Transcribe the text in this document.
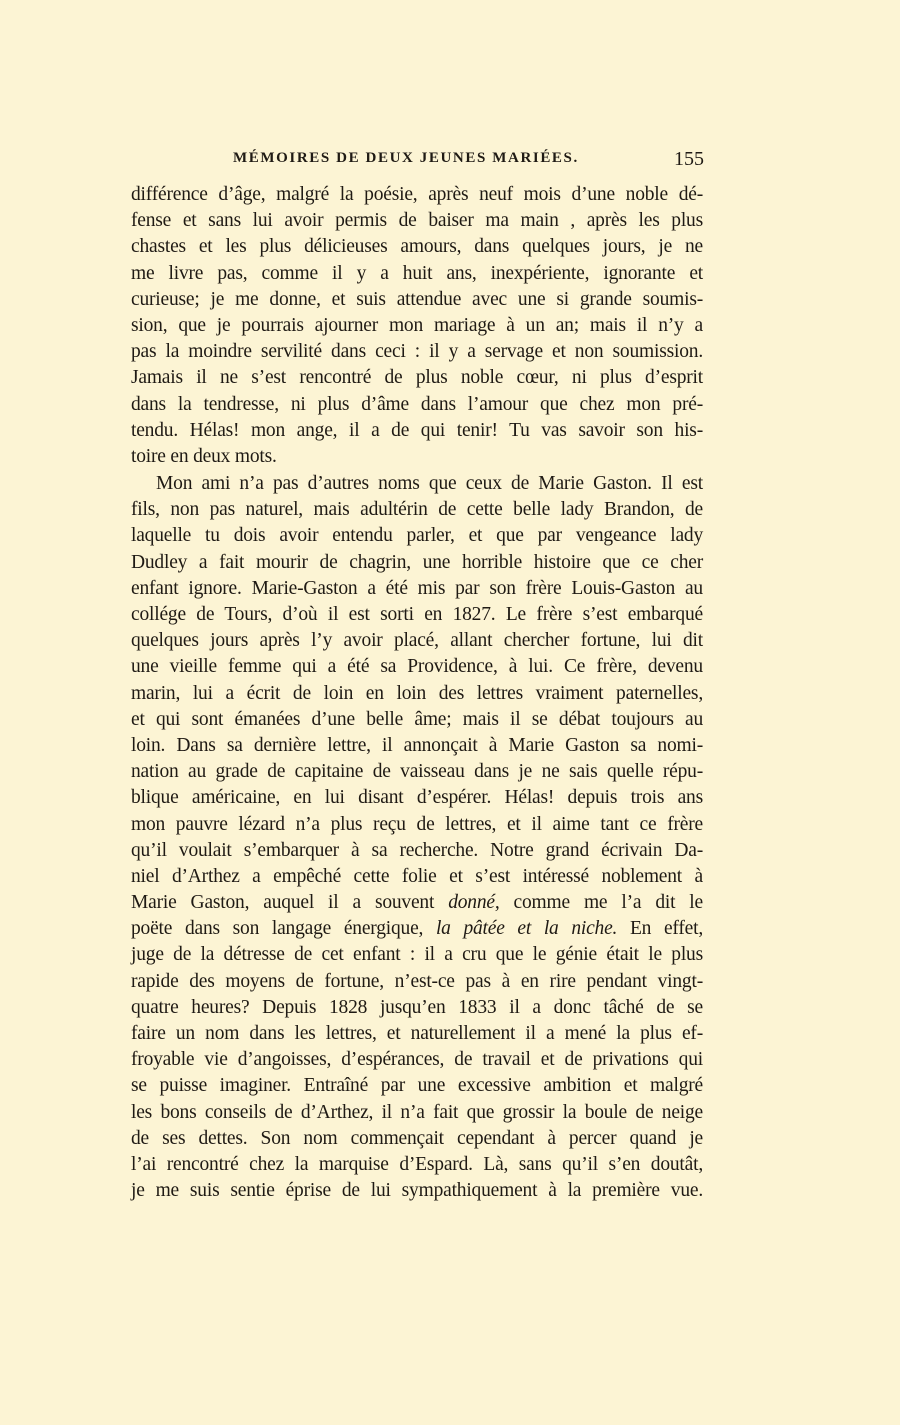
MÉMOIRES DE DEUX JEUNES MARIÉES.	155
différence d’âge, malgré la poésie, après neuf mois d’une noble dé-
fense et sans lui avoir permis de baiser ma main , après les plus
chastes et les plus délicieuses amours, dans quelques jours, je ne
me livre pas, comme il y a huit ans, inexpériente, ignorante et
curieuse; je me donne, et suis attendue avec une si grande soumis-
sion, que je pourrais ajourner mon mariage à un an; mais il n’y a
pas la moindre servilité dans ceci : il y a servage et non soumission.
Jamais il ne s’est rencontré de plus noble cœur, ni plus d’esprit
dans la tendresse, ni plus d’âme dans l’amour que chez mon pré-
tendu. Hélas! mon ange, il a de qui tenir! Tu vas savoir son his-
toire en deux mots.
Mon ami n’a pas d’autres noms que ceux de Marie Gaston. Il est
fils, non pas naturel, mais adultérin de cette belle lady Brandon, de
laquelle tu dois avoir entendu parler, et que par vengeance lady
Dudley a fait mourir de chagrin, une horrible histoire que ce cher
enfant ignore. Marie-Gaston a été mis par son frère Louis-Gaston au
collége de Tours, d’où il est sorti en 1827. Le frère s’est embarqué
quelques jours après l’y avoir placé, allant chercher fortune, lui dit
une vieille femme qui a été sa Providence, à lui. Ce frère, devenu
marin, lui a écrit de loin en loin des lettres vraiment paternelles,
et qui sont émanées d’une belle âme; mais il se débat toujours au
loin. Dans sa dernière lettre, il annonçait à Marie Gaston sa nomi-
nation au grade de capitaine de vaisseau dans je ne sais quelle répu-
blique américaine, en lui disant d’espérer. Hélas! depuis trois ans
mon pauvre lézard n’a plus reçu de lettres, et il aime tant ce frère
qu’il voulait s’embarquer à sa recherche. Notre grand écrivain Da-
niel d’Arthez a empêché cette folie et s’est intéressé noblement à
Marie Gaston, auquel il a souvent donné, comme me l’a dit le
poëte dans son langage énergique, la pâtée et la niche. En effet,
juge de la détresse de cet enfant : il a cru que le génie était le plus
rapide des moyens de fortune, n’est-ce pas à en rire pendant vingt-
quatre heures? Depuis 1828 jusqu’en 1833 il a donc tâché de se
faire un nom dans les lettres, et naturellement il a mené la plus ef-
froyable vie d’angoisses, d’espérances, de travail et de privations qui
se puisse imaginer. Entraîné par une excessive ambition et malgré
les bons conseils de d’Arthez, il n’a fait que grossir la boule de neige
de ses dettes. Son nom commençait cependant à percer quand je
l’ai rencontré chez la marquise d’Espard. Là, sans qu’il s’en doutât,
je me suis sentie éprise de lui sympathiquement à la première vue.
